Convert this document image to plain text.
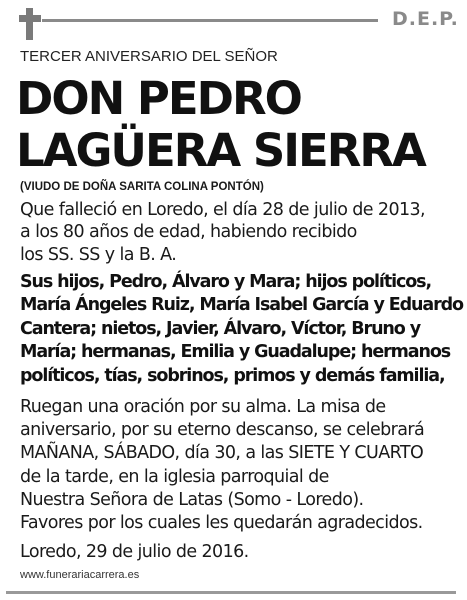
D.E.P.
TERCER ANIVERSARIO DEL SEÑOR
DON PEDRO
LAGÜERA SIERRA
(VIUDO DE DOÑA SARITA COLINA PONTÓN)
Que falleció en Loredo, el día 28 de julio de 2013,
a los 80 años de edad, habiendo recibido
los SS. SS y la B. A.
Sus hijos, Pedro, Álvaro y Mara; hijos políticos,
María Ángeles Ruiz, María Isabel García y Eduardo
Cantera; nietos, Javier, Álvaro, Víctor, Bruno y
María; hermanas, Emilia y Guadalupe; hermanos
políticos, tías, sobrinos, primos y demás familia,
Ruegan una oración por su alma. La misa de
aniversario, por su eterno descanso, se celebrará
MAÑANA, SÁBADO, día 30, a las SIETE Y CUARTO
de la tarde, en la iglesia parroquial de
Nuestra Señora de Latas (Somo - Loredo).
Favores por los cuales les quedarán agradecidos.
Loredo, 29 de julio de 2016.
www.funerariacarrera.es
